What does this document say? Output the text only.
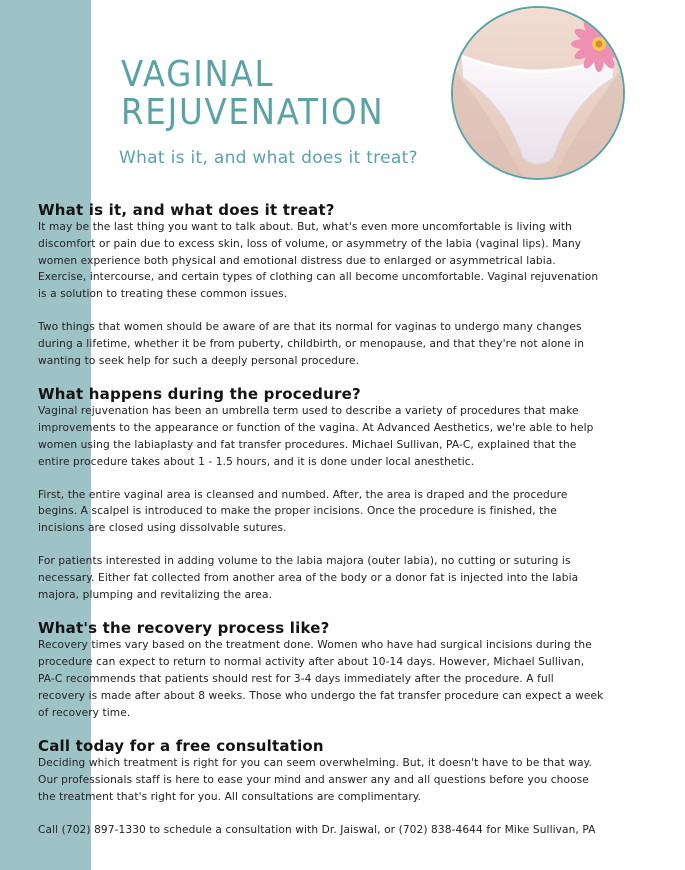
VAGINAL
REJUVENATION
What is it, and what does it treat?
What is it, and what does it treat?

It may be the last thing you want to talk about. But, what's even more uncomfortable is living with
discomfort or pain due to excess skin, loss of volume, or asymmetry of the labia (vaginal lips). Many
women experience both physical and emotional distress due to enlarged or asymmetrical labia.
Exercise, intercourse, and certain types of clothing can all become uncomfortable. Vaginal rejuvenation
is a solution to treating these common issues.

Two things that women should be aware of are that its normal for vaginas to undergo many changes
during a lifetime, whether it be from puberty, childbirth, or menopause, and that they're not alone in
wanting to seek help for such a deeply personal procedure.

What happens during the procedure?

Vaginal rejuvenation has been an umbrella term used to describe a variety of procedures that make
improvements to the appearance or function of the vagina. At Advanced Aesthetics, we're able to help
women using the labiaplasty and fat transfer procedures. Michael Sullivan, PA-C, explained that the
entire procedure takes about 1 - 1.5 hours, and it is done under local anesthetic.

First, the entire vaginal area is cleansed and numbed. After, the area is draped and the procedure
begins. A scalpel is introduced to make the proper incisions. Once the procedure is finished, the
incisions are closed using dissolvable sutures.

For patients interested in adding volume to the labia majora (outer labia), no cutting or suturing is
necessary. Either fat collected from another area of the body or a donor fat is injected into the labia
majora, plumping and revitalizing the area.

What's the recovery process like?

Recovery times vary based on the treatment done. Women who have had surgical incisions during the
procedure can expect to return to normal activity after about 10-14 days. However, Michael Sullivan,
PA-C recommends that patients should rest for 3-4 days immediately after the procedure. A full
recovery is made after about 8 weeks. Those who undergo the fat transfer procedure can expect a week
of recovery time.

Call today for a free consultation

Deciding which treatment is right for you can seem overwhelming. But, it doesn't have to be that way.
Our professionals staff is here to ease your mind and answer any and all questions before you choose
the treatment that's right for you. All consultations are complimentary.

Call (702) 897-1330 to schedule a consultation with Dr. Jaiswal, or (702) 838-4644 for Mike Sullivan, PA
